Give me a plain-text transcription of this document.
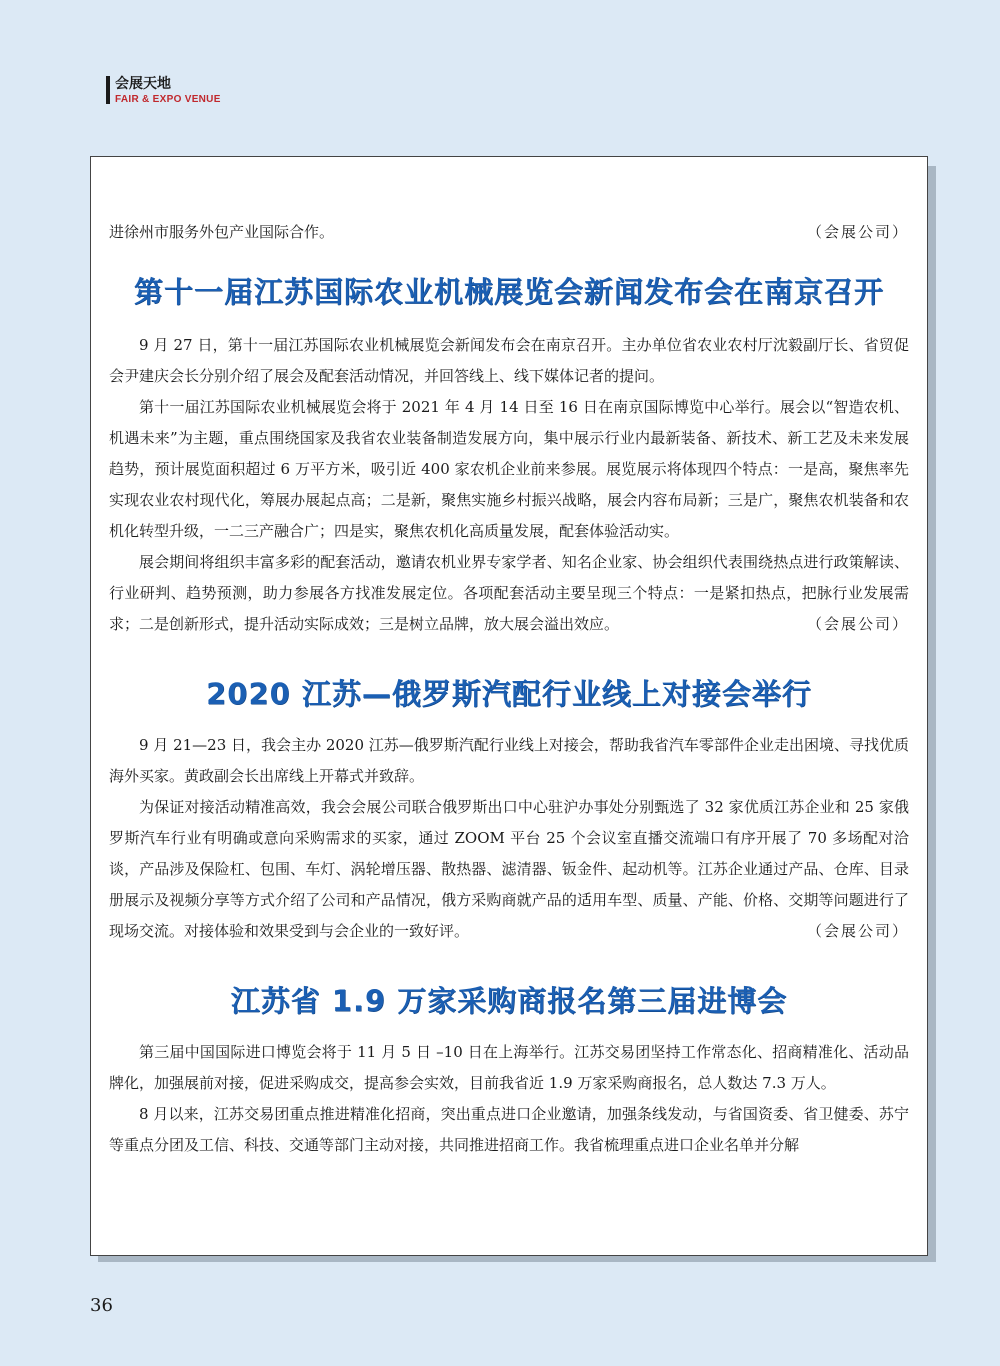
会展天地
FAIR & EXPO VENUE

进徐州市服务外包产业国际合作。	（会展公司）

第十一届江苏国际农业机械展览会新闻发布会在南京召开

9 月 27 日，第十一届江苏国际农业机械展览会新闻发布会在南京召开。主办单位省农业农村厅沈毅副厅长、省贸促会尹建庆会长分别介绍了展会及配套活动情况，并回答线上、线下媒体记者的提问。

第十一届江苏国际农业机械展览会将于 2021 年 4 月 14 日至 16 日在南京国际博览中心举行。展会以“智造农机、机遇未来”为主题，重点围绕国家及我省农业装备制造发展方向，集中展示行业内最新装备、新技术、新工艺及未来发展趋势，预计展览面积超过 6 万平方米，吸引近 400 家农机企业前来参展。展览展示将体现四个特点：一是高，聚焦率先实现农业农村现代化，筹展办展起点高；二是新，聚焦实施乡村振兴战略，展会内容布局新；三是广，聚焦农机装备和农机化转型升级，一二三产融合广；四是实，聚焦农机化高质量发展，配套体验活动实。

展会期间将组织丰富多彩的配套活动，邀请农机业界专家学者、知名企业家、协会组织代表围绕热点进行政策解读、行业研判、趋势预测，助力参展各方找准发展定位。各项配套活动主要呈现三个特点：一是紧扣热点，把脉行业发展需求；二是创新形式，提升活动实际成效；三是树立品牌，放大展会溢出效应。	（会展公司）

2020 江苏—俄罗斯汽配行业线上对接会举行

9 月 21—23 日，我会主办 2020 江苏—俄罗斯汽配行业线上对接会，帮助我省汽车零部件企业走出困境、寻找优质海外买家。黄政副会长出席线上开幕式并致辞。

为保证对接活动精准高效，我会会展公司联合俄罗斯出口中心驻沪办事处分别甄选了 32 家优质江苏企业和 25 家俄罗斯汽车行业有明确或意向采购需求的买家，通过 ZOOM 平台 25 个会议室直播交流端口有序开展了 70 多场配对洽谈，产品涉及保险杠、包围、车灯、涡轮增压器、散热器、滤清器、钣金件、起动机等。江苏企业通过产品、仓库、目录册展示及视频分享等方式介绍了公司和产品情况，俄方采购商就产品的适用车型、质量、产能、价格、交期等问题进行了现场交流。对接体验和效果受到与会企业的一致好评。	（会展公司）

江苏省 1.9 万家采购商报名第三届进博会

第三届中国国际进口博览会将于 11 月 5 日 –10 日在上海举行。江苏交易团坚持工作常态化、招商精准化、活动品牌化，加强展前对接，促进采购成交，提高参会实效，目前我省近 1.9 万家采购商报名，总人数达 7.3 万人。

8 月以来，江苏交易团重点推进精准化招商，突出重点进口企业邀请，加强条线发动，与省国资委、省卫健委、苏宁等重点分团及工信、科技、交通等部门主动对接，共同推进招商工作。我省梳理重点进口企业名单并分解

36
